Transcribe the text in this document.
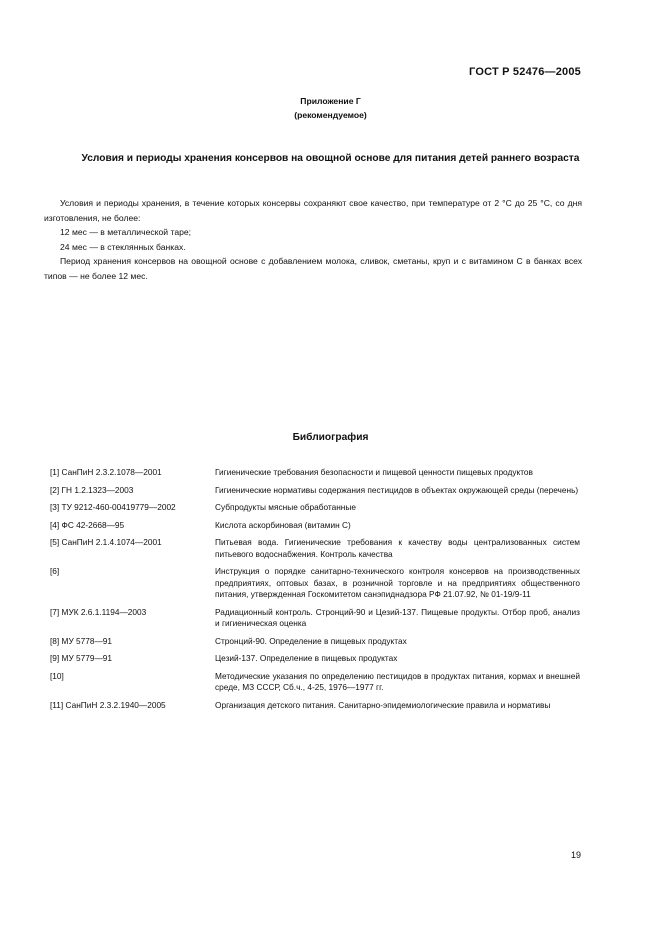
ГОСТ Р 52476—2005
Приложение Г
(рекомендуемое)
Условия и периоды хранения консервов на овощной основе для питания детей раннего возраста

Условия и периоды хранения, в течение которых консервы сохраняют свое качество, при температуре от 2 °С до 25 °С, со дня изготовления, не более:

12 мес — в металлической таре;

24 мес — в стеклянных банках.

Период хранения консервов на овощной основе с добавлением молока, сливок, сметаны, круп и с витамином С в банках всех типов — не более 12 мес.

Библиография
[1] СанПиН 2.3.2.1078—2001	Гигиенические требования безопасности и пищевой ценности пищевых продуктов
[2] ГН 1.2.1323—2003	Гигиенические нормативы содержания пестицидов в объектах окружающей среды (перечень)
[3] ТУ 9212-460-00419779—2002	Субпродукты мясные обработанные
[4] ФС 42-2668—95	Кислота аскорбиновая (витамин С)
[5] СанПиН 2.1.4.1074—2001	Питьевая вода. Гигиенические требования к качеству воды централизованных систем питьевого водоснабжения. Контроль качества
[6]	Инструкция о порядке санитарно-технического контроля консервов на производственных предприятиях, оптовых базах, в розничной торговле и на предприятиях общественного питания, утвержденная Госкомитетом санэпиднадзора РФ 21.07.92, № 01-19/9-11
[7] МУК 2.6.1.1194—2003	Радиационный контроль. Стронций-90 и Цезий-137. Пищевые продукты. Отбор проб, анализ и гигиеническая оценка
[8] МУ 5778—91	Стронций-90. Определение в пищевых продуктах
[9] МУ 5779—91	Цезий-137. Определение в пищевых продуктах
[10]	Методические указания по определению пестицидов в продуктах питания, кормах и внешней среде, МЗ СССР, Сб.ч., 4-25, 1976—1977 гг.
[11] СанПиН 2.3.2.1940—2005	Организация детского питания. Санитарно-эпидемиологические правила и нормативы
19
